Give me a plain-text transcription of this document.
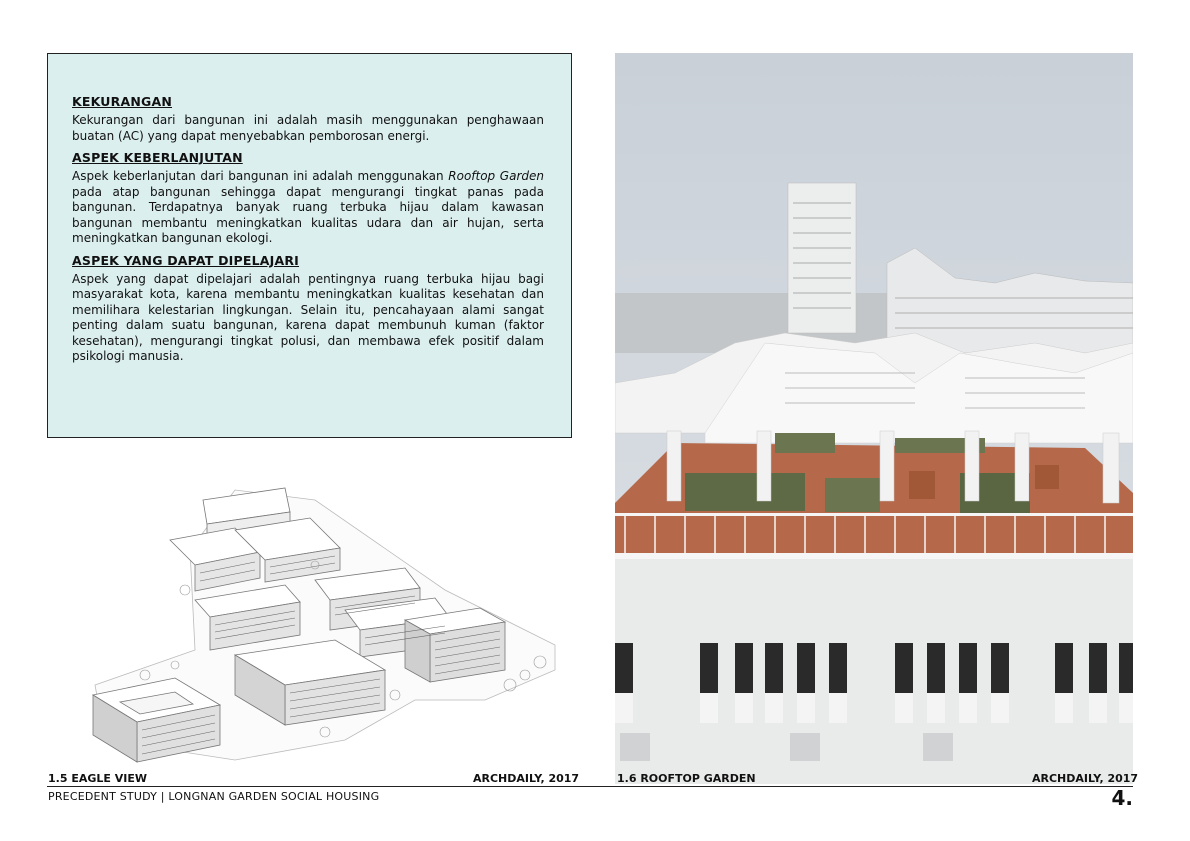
KEKURANGAN

Kekurangan dari bangunan ini adalah masih menggunakan penghawaan buatan (AC) yang dapat menyebabkan pemborosan energi.

ASPEK KEBERLANJUTAN

Aspek keberlanjutan dari bangunan ini adalah menggunakan Rooftop Garden pada atap bangunan sehingga dapat mengurangi tingkat panas pada bangunan. Terdapatnya banyak ruang terbuka hijau dalam kawasan bangunan membantu meningkatkan kualitas udara dan air hujan, serta meningkatkan bangunan ekologi.

ASPEK YANG DAPAT DIPELAJARI

Aspek yang dapat dipelajari adalah pentingnya ruang terbuka hijau bagi masyarakat kota, karena membantu meningkatkan kualitas kesehatan dan memilihara kelestarian lingkungan. Selain itu, pencahayaan alami sangat penting dalam suatu bangunan, karena dapat membunuh kuman (faktor kesehatan), mengurangi tingkat polusi, dan membawa efek positif dalam psikologi manusia.

1.5 EAGLE VIEW	ARCHDAILY, 2017	1.6 ROOFTOP GARDEN	ARCHDAILY, 2017
PRECEDENT STUDY | LONGNAN GARDEN SOCIAL HOUSING	4.
